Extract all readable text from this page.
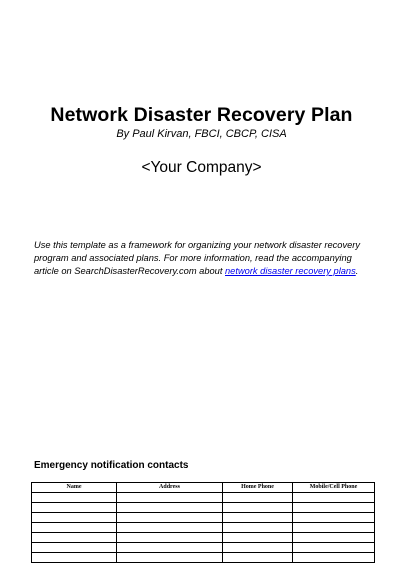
Network Disaster Recovery Plan
By Paul Kirvan, FBCI, CBCP, CISA
<Your Company>
Use this template as a framework for organizing your network disaster recovery program and associated plans. For more information, read the accompanying article on SearchDisasterRecovery.com about network disaster recovery plans.
Emergency notification contacts
Name	Address	Home Phone	Mobile/Cell Phone
